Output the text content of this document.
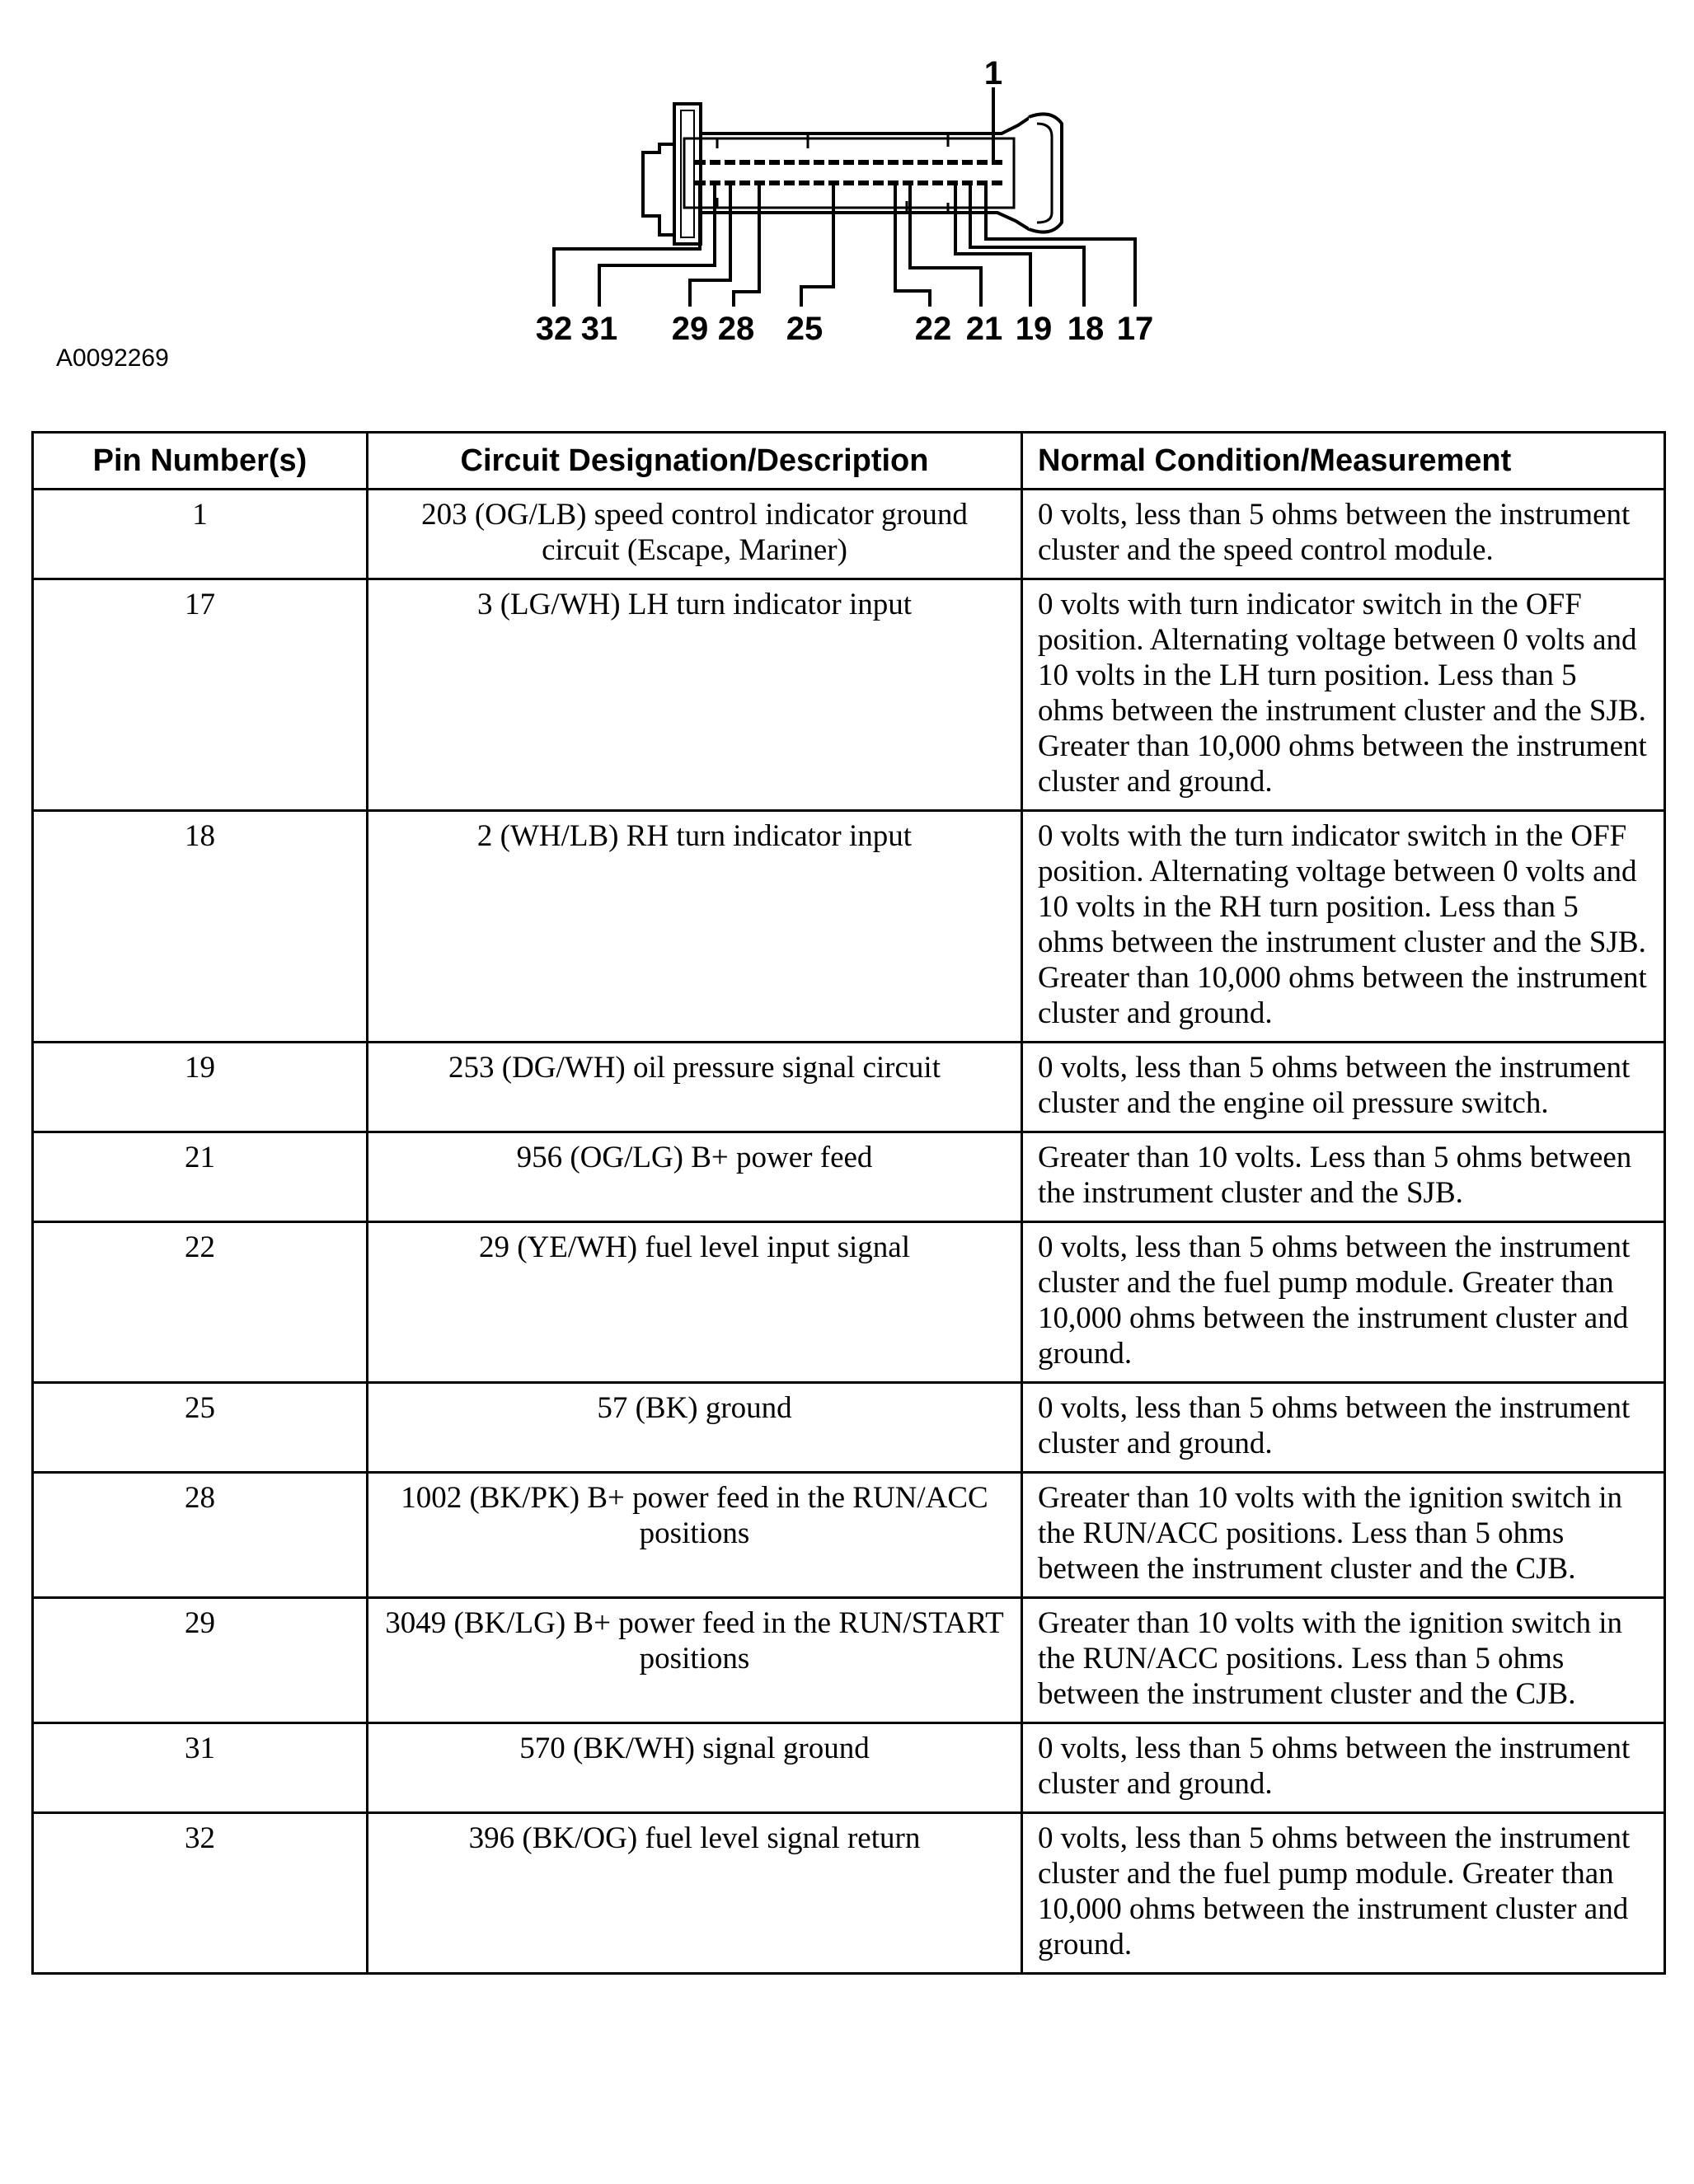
1
32 31 29 28 25	22 21 19 18 17
A0092269
Pin Number(s)	Circuit Designation/Description	Normal Condition/Measurement
1	203 (OG/LB) speed control indicator ground circuit (Escape, Mariner)	0 volts, less than 5 ohms between the instrument cluster and the speed control module.
17	3 (LG/WH) LH turn indicator input	0 volts with turn indicator switch in the OFF position. Alternating voltage between 0 volts and 10 volts in the LH turn position. Less than 5 ohms between the instrument cluster and the SJB. Greater than 10,000 ohms between the instrument cluster and ground.
18	2 (WH/LB) RH turn indicator input	0 volts with the turn indicator switch in the OFF position. Alternating voltage between 0 volts and 10 volts in the RH turn position. Less than 5 ohms between the instrument cluster and the SJB. Greater than 10,000 ohms between the instrument cluster and ground.
19	253 (DG/WH) oil pressure signal circuit	0 volts, less than 5 ohms between the instrument cluster and the engine oil pressure switch.
21	956 (OG/LG) B+ power feed	Greater than 10 volts. Less than 5 ohms between the instrument cluster and the SJB.
22	29 (YE/WH) fuel level input signal	0 volts, less than 5 ohms between the instrument cluster and the fuel pump module. Greater than 10,000 ohms between the instrument cluster and ground.
25	57 (BK) ground	0 volts, less than 5 ohms between the instrument cluster and ground.
28	1002 (BK/PK) B+ power feed in the RUN/ACC positions	Greater than 10 volts with the ignition switch in the RUN/ACC positions. Less than 5 ohms between the instrument cluster and the CJB.
29	3049 (BK/LG) B+ power feed in the RUN/START positions	Greater than 10 volts with the ignition switch in the RUN/ACC positions. Less than 5 ohms between the instrument cluster and the CJB.
31	570 (BK/WH) signal ground	0 volts, less than 5 ohms between the instrument cluster and ground.
32	396 (BK/OG) fuel level signal return	0 volts, less than 5 ohms between the instrument cluster and the fuel pump module. Greater than 10,000 ohms between the instrument cluster and ground.
